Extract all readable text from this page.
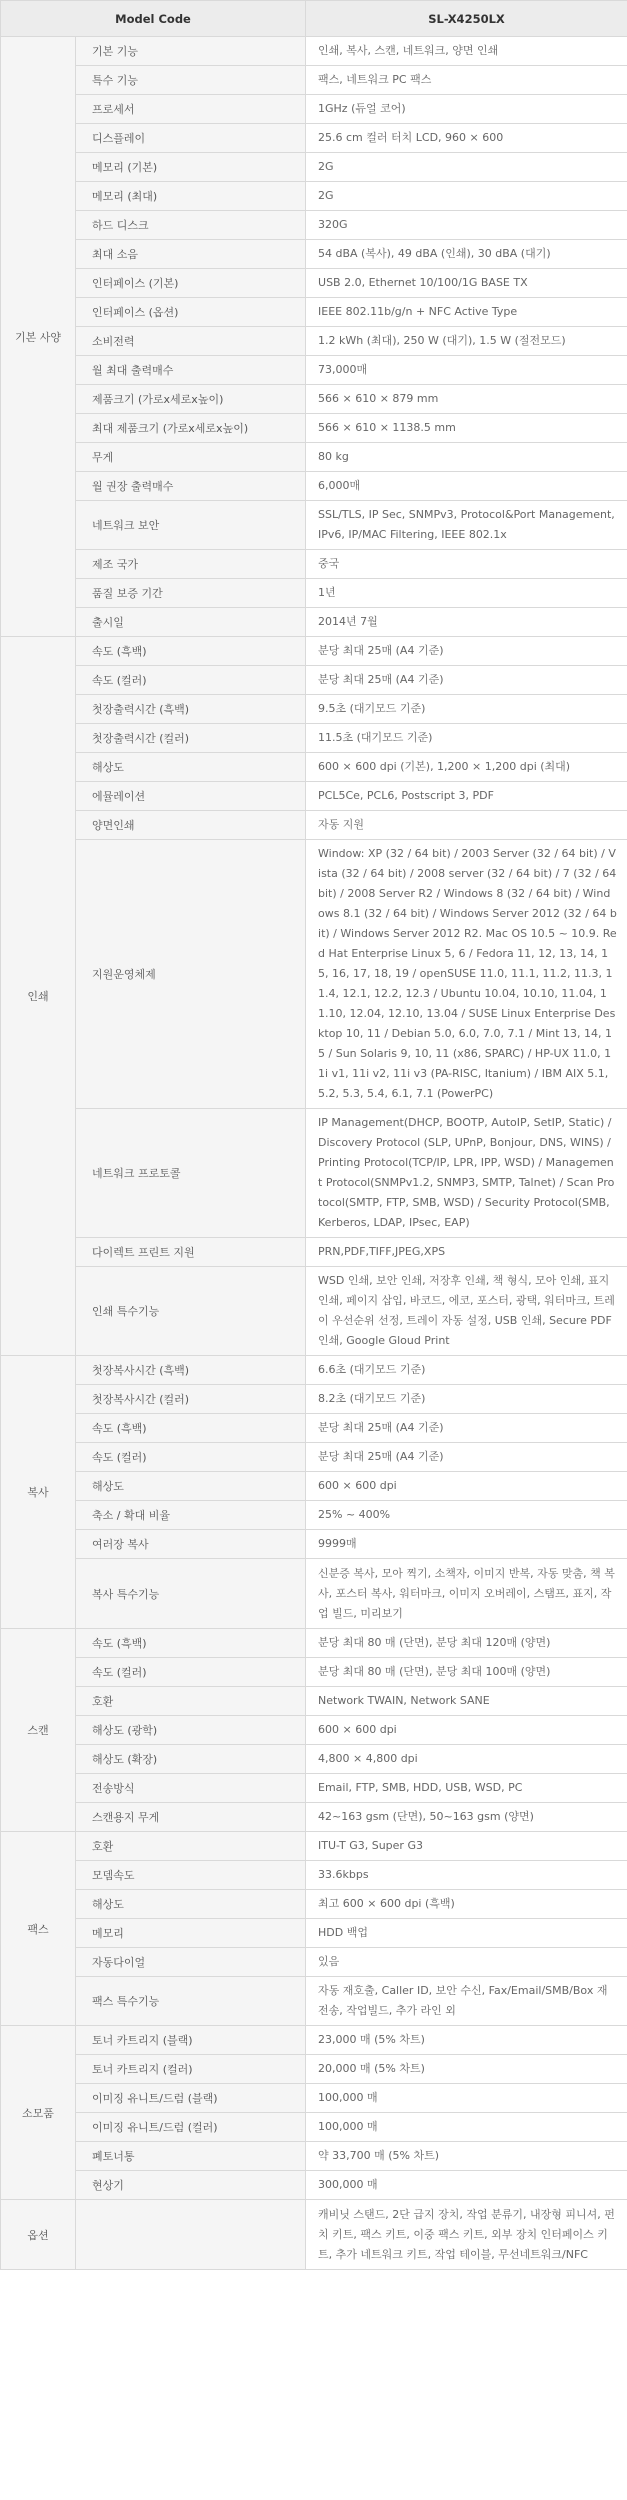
Model Code		SL-X4250LX
기본 사양	기본 기능	인쇄, 복사, 스캔, 네트워크, 양면 인쇄
	특수 기능	팩스, 네트워크 PC 팩스
	프로세서	1GHz (듀얼 코어)
	디스플레이	25.6 cm 컬러 터치 LCD, 960 × 600
	메모리 (기본)	2G
	메모리 (최대)	2G
	하드 디스크	320G
	최대 소음	54 dBA (복사), 49 dBA (인쇄), 30 dBA (대기)
	인터페이스 (기본)	USB 2.0, Ethernet 10/100/1G BASE TX
	인터페이스 (옵션)	IEEE 802.11b/g/n + NFC Active Type
	소비전력	1.2 kWh (최대), 250 W (대기), 1.5 W (절전모드)
	월 최대 출력매수	73,000매
	제품크기 (가로x세로x높이)	566 × 610 × 879 mm
	최대 제품크기 (가로x세로x높이)	566 × 610 × 1138.5 mm
	무게	80 kg
	월 권장 출력매수	6,000매
	네트워크 보안	SSL/TLS, IP Sec, SNMPv3, Protocol&Port Management, IPv6, IP/MAC Filtering, IEEE 802.1x
	제조 국가	중국
	품질 보증 기간	1년
	출시일	2014년 7월
인쇄	속도 (흑백)	분당 최대 25매 (A4 기준)
	속도 (컬러)	분당 최대 25매 (A4 기준)
	첫장출력시간 (흑백)	9.5초 (대기모드 기준)
	첫장출력시간 (컬러)	11.5초 (대기모드 기준)
	해상도	600 × 600 dpi (기본), 1,200 × 1,200 dpi (최대)
	에뮬레이션	PCL5Ce, PCL6, Postscript 3, PDF
	양면인쇄	자동 지원
	지원운영체제	Window: XP (32 / 64 bit) / 2003 Server (32 / 64 bit) / Vista (32 / 64 bit) / 2008 server (32 / 64 bit) / 7 (32 / 64 bit) / 2008 Server R2 / Windows 8 (32 / 64 bit) / Windows 8.1 (32 / 64 bit) / Windows Server 2012 (32 / 64 bit) / Windows Server 2012 R2. Mac OS 10.5 ~ 10.9. Red Hat Enterprise Linux 5, 6 / Fedora 11, 12, 13, 14, 15, 16, 17, 18, 19 / openSUSE 11.0, 11.1, 11.2, 11.3, 11.4, 12.1, 12.2, 12.3 / Ubuntu 10.04, 10.10, 11.04, 11.10, 12.04, 12.10, 13.04 / SUSE Linux Enterprise Desktop 10, 11 / Debian 5.0, 6.0, 7.0, 7.1 / Mint 13, 14, 15 / Sun Solaris 9, 10, 11 (x86, SPARC) / HP-UX 11.0, 11i v1, 11i v2, 11i v3 (PA-RISC, Itanium) / IBM AIX 5.1, 5.2, 5.3, 5.4, 6.1, 7.1 (PowerPC)
	네트워크 프로토콜	IP Management(DHCP, BOOTP, AutoIP, SetIP, Static) / Discovery Protocol (SLP, UPnP, Bonjour, DNS, WINS) / Printing Protocol(TCP/IP, LPR, IPP, WSD) / Management Protocol(SNMPv1.2, SNMP3, SMTP, Talnet) / Scan Protocol(SMTP, FTP, SMB, WSD) / Security Protocol(SMB, Kerberos, LDAP, IPsec, EAP)
	다이렉트 프린트 지원	PRN,PDF,TIFF,JPEG,XPS
	인쇄 특수기능	WSD 인쇄, 보안 인쇄, 저장후 인쇄, 책 형식, 모아 인쇄, 표지 인쇄, 페이지 삽입, 바코드, 에코, 포스터, 광택, 워터마크, 트레이 우선순위 선정, 트레이 자동 설정, USB 인쇄, Secure PDF 인쇄, Google Gloud Print
복사	첫장복사시간 (흑백)	6.6초 (대기모드 기준)
	첫장복사시간 (컬러)	8.2초 (대기모드 기준)
	속도 (흑백)	분당 최대 25매 (A4 기준)
	속도 (컬러)	분당 최대 25매 (A4 기준)
	해상도	600 × 600 dpi
	축소 / 확대 비율	25% ~ 400%
	여러장 복사	9999매
	복사 특수기능	신분증 복사, 모아 찍기, 소책자, 이미지 반복, 자동 맞춤, 책 복사, 포스터 복사, 워터마크, 이미지 오버레이, 스탬프, 표지, 작업 빌드, 미리보기
스캔	속도 (흑백)	분당 최대 80 매 (단면), 분당 최대 120매 (양면)
	속도 (컬러)	분당 최대 80 매 (단면), 분당 최대 100매 (양면)
	호환	Network TWAIN, Network SANE
	해상도 (광학)	600 × 600 dpi
	해상도 (확장)	4,800 × 4,800 dpi
	전송방식	Email, FTP, SMB, HDD, USB, WSD, PC
	스캔용지 무게	42~163 gsm (단면), 50~163 gsm (양면)
팩스	호환	ITU-T G3, Super G3
	모뎀속도	33.6kbps
	해상도	최고 600 × 600 dpi (흑백)
	메모리	HDD 백업
	자동다이얼	있음
	팩스 특수기능	자동 재호출, Caller ID, 보안 수신, Fax/Email/SMB/Box 재전송, 작업빌드, 추가 라인 외
소모품	토너 카트리지 (블랙)	23,000 매 (5% 차트)
	토너 카트리지 (컬러)	20,000 매 (5% 차트)
	이미징 유니트/드럼 (블랙)	100,000 매
	이미징 유니트/드럼 (컬러)	100,000 매
	폐토너통	약 33,700 매 (5% 차트)
	현상기	300,000 매
옵션		캐비닛 스탠드, 2단 급지 장치, 작업 분류기, 내장형 피니셔, 펀치 키트, 팩스 키트, 이중 팩스 키트, 외부 장치 인터페이스 키트, 추가 네트워크 키트, 작업 테이블, 무선네트워크/NFC
